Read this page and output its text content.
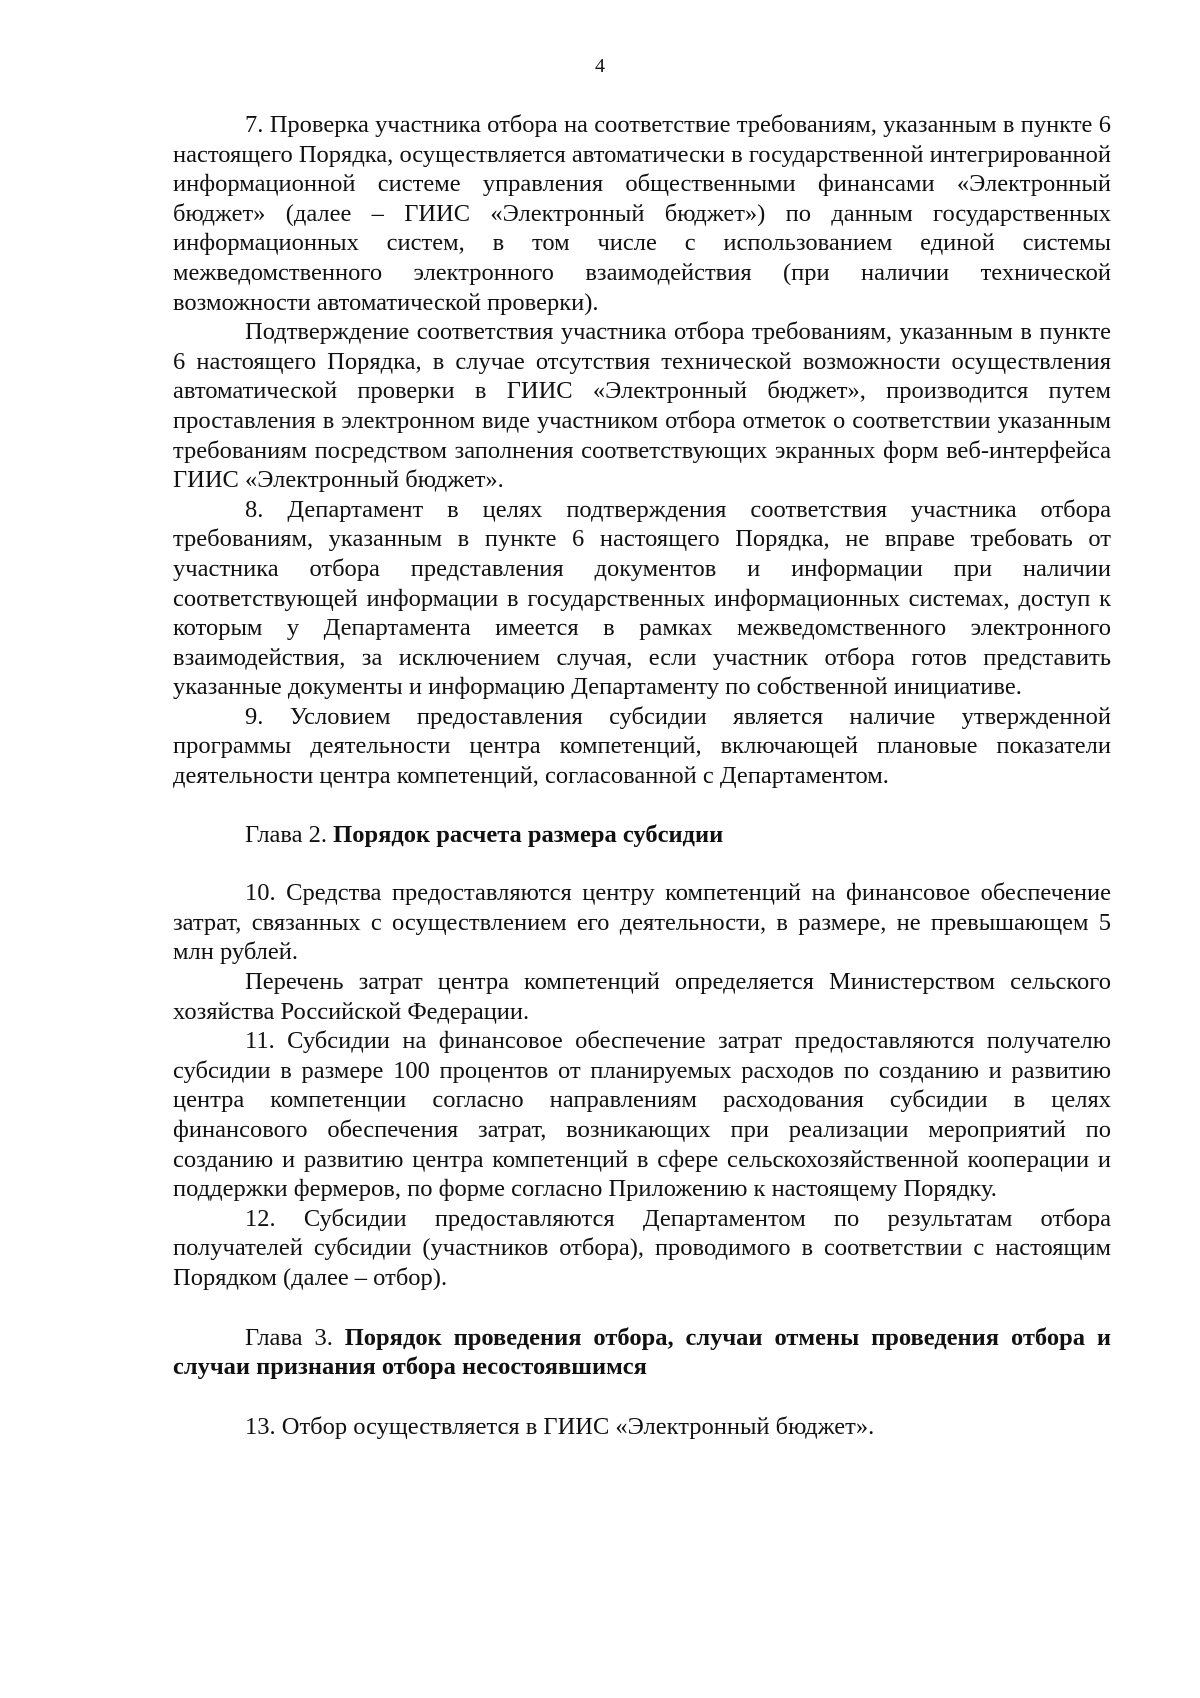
4

7. Проверка участника отбора на соответствие требованиям, указанным в пункте 6 настоящего Порядка, осуществляется автоматически в государственной интегрированной информационной системе управления общественными финансами «Электронный бюджет» (далее – ГИИС «Электронный бюджет») по данным государственных информационных систем, в том числе с использованием единой системы межведомственного электронного взаимодействия (при наличии технической возможности автоматической проверки).

Подтверждение соответствия участника отбора требованиям, указанным в пункте 6 настоящего Порядка, в случае отсутствия технической возможности осуществления автоматической проверки в ГИИС «Электронный бюджет», производится путем проставления в электронном виде участником отбора отметок о соответствии указанным требованиям посредством заполнения соответствующих экранных форм веб-интерфейса ГИИС «Электронный бюджет».

8. Департамент в целях подтверждения соответствия участника отбора требованиям, указанным в пункте 6 настоящего Порядка, не вправе требовать от участника отбора представления документов и информации при наличии соответствующей информации в государственных информационных системах, доступ к которым у Департамента имеется в рамках межведомственного электронного взаимодействия, за исключением случая, если участник отбора готов представить указанные документы и информацию Департаменту по собственной инициативе.

9. Условием предоставления субсидии является наличие утвержденной программы деятельности центра компетенций, включающей плановые показатели деятельности центра компетенций, согласованной с Департаментом.

Глава 2. Порядок расчета размера субсидии

10. Средства предоставляются центру компетенций на финансовое обеспечение затрат, связанных с осуществлением его деятельности, в размере, не превышающем 5 млн рублей.

Перечень затрат центра компетенций определяется Министерством сельского хозяйства Российской Федерации.

11. Субсидии на финансовое обеспечение затрат предоставляются получателю субсидии в размере 100 процентов от планируемых расходов по созданию и развитию центра компетенции согласно направлениям расходования субсидии в целях финансового обеспечения затрат, возникающих при реализации мероприятий по созданию и развитию центра компетенций в сфере сельскохозяйственной кооперации и поддержки фермеров, по форме согласно Приложению к настоящему Порядку.

12. Субсидии предоставляются Департаментом по результатам отбора получателей субсидии (участников отбора), проводимого в соответствии с настоящим Порядком (далее – отбор).

Глава 3. Порядок проведения отбора, случаи отмены проведения отбора и случаи признания отбора несостоявшимся

13. Отбор осуществляется в ГИИС «Электронный бюджет».
